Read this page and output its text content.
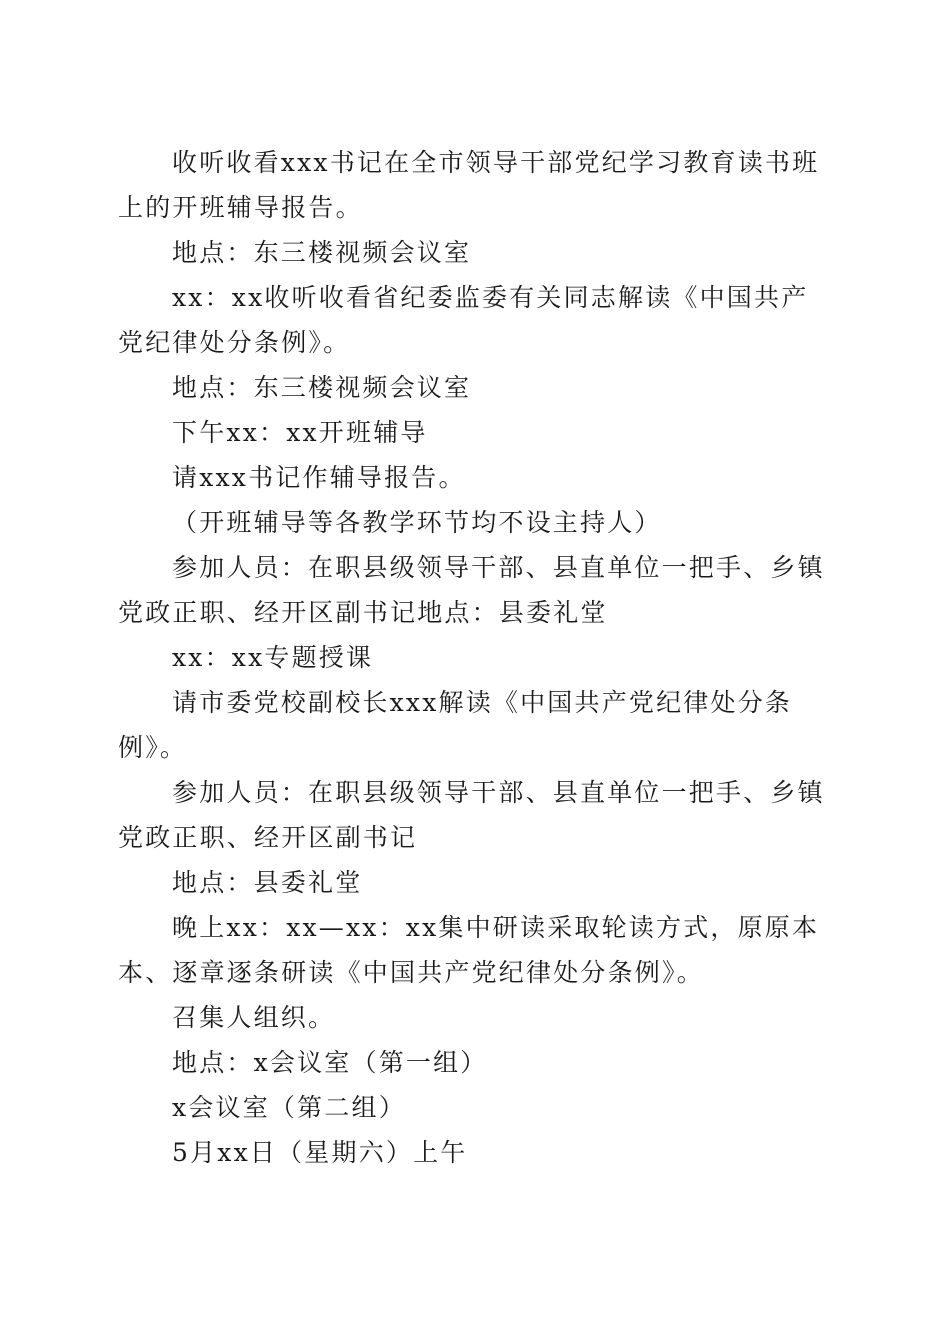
收听收看xxx书记在全市领导干部党纪学习教育读书班上的开班辅导报告。

地点：东三楼视频会议室

xx：xx收听收看省纪委监委有关同志解读《中国共产党纪律处分条例》。

地点：东三楼视频会议室

下午xx：xx开班辅导

请xxx书记作辅导报告。

（开班辅导等各教学环节均不设主持人）

参加人员：在职县级领导干部、县直单位一把手、乡镇党政正职、经开区副书记地点：县委礼堂

xx：xx专题授课

请市委党校副校长xxx解读《中国共产党纪律处分条例》。

参加人员：在职县级领导干部、县直单位一把手、乡镇党政正职、经开区副书记

地点：县委礼堂

晚上xx：xx—xx：xx集中研读采取轮读方式，原原本本、逐章逐条研读《中国共产党纪律处分条例》。

召集人组织。

地点：x会议室（第一组）

x会议室（第二组）

5月xx日（星期六）上午
